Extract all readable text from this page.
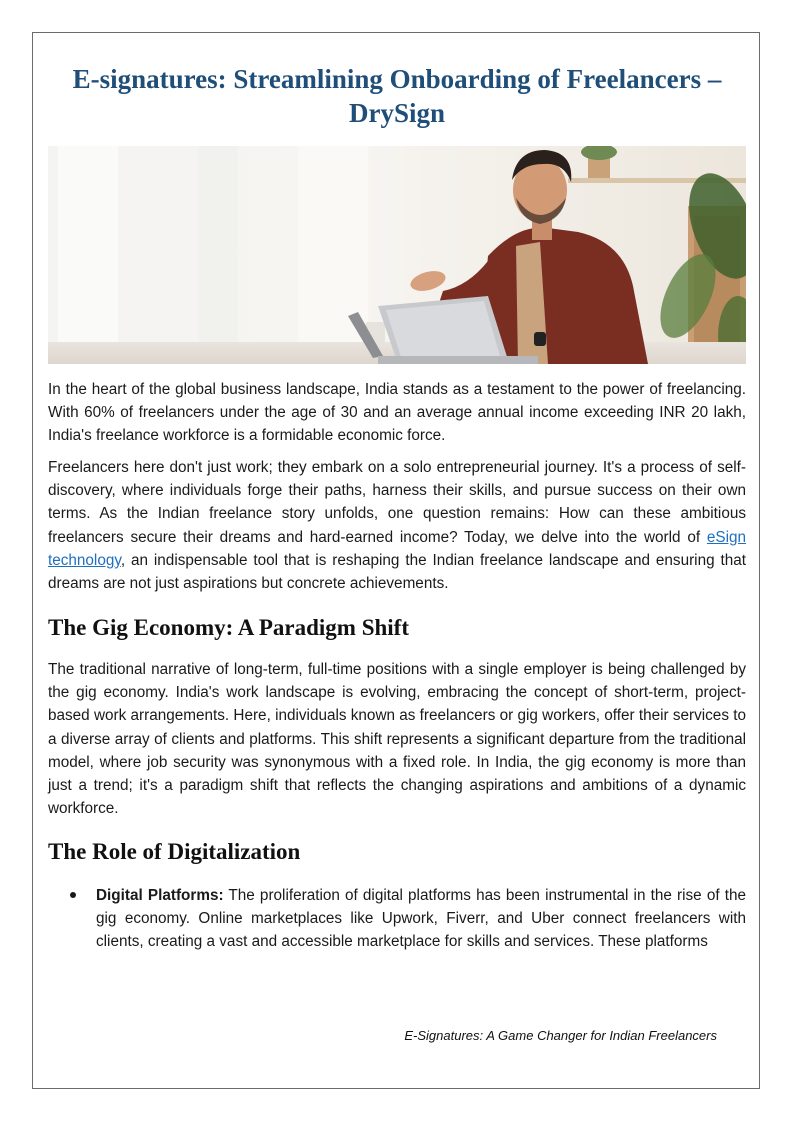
E-signatures: Streamlining Onboarding of Freelancers – DrySign

In the heart of the global business landscape, India stands as a testament to the power of freelancing. With 60% of freelancers under the age of 30 and an average annual income exceeding INR 20 lakh, India's freelance workforce is a formidable economic force.

Freelancers here don't just work; they embark on a solo entrepreneurial journey. It's a process of self-discovery, where individuals forge their paths, harness their skills, and pursue success on their own terms. As the Indian freelance story unfolds, one question remains: How can these ambitious freelancers secure their dreams and hard-earned income? Today, we delve into the world of eSign technology, an indispensable tool that is reshaping the Indian freelance landscape and ensuring that dreams are not just aspirations but concrete achievements.

The Gig Economy: A Paradigm Shift

The traditional narrative of long-term, full-time positions with a single employer is being challenged by the gig economy. India's work landscape is evolving, embracing the concept of short-term, project-based work arrangements. Here, individuals known as freelancers or gig workers, offer their services to a diverse array of clients and platforms. This shift represents a significant departure from the traditional model, where job security was synonymous with a fixed role. In India, the gig economy is more than just a trend; it's a paradigm shift that reflects the changing aspirations and ambitions of a dynamic workforce.

The Role of Digitalization

Digital Platforms: The proliferation of digital platforms has been instrumental in the rise of the gig economy. Online marketplaces like Upwork, Fiverr, and Uber connect freelancers with clients, creating a vast and accessible marketplace for skills and services. These platforms

E-Signatures: A Game Changer for Indian Freelancers
